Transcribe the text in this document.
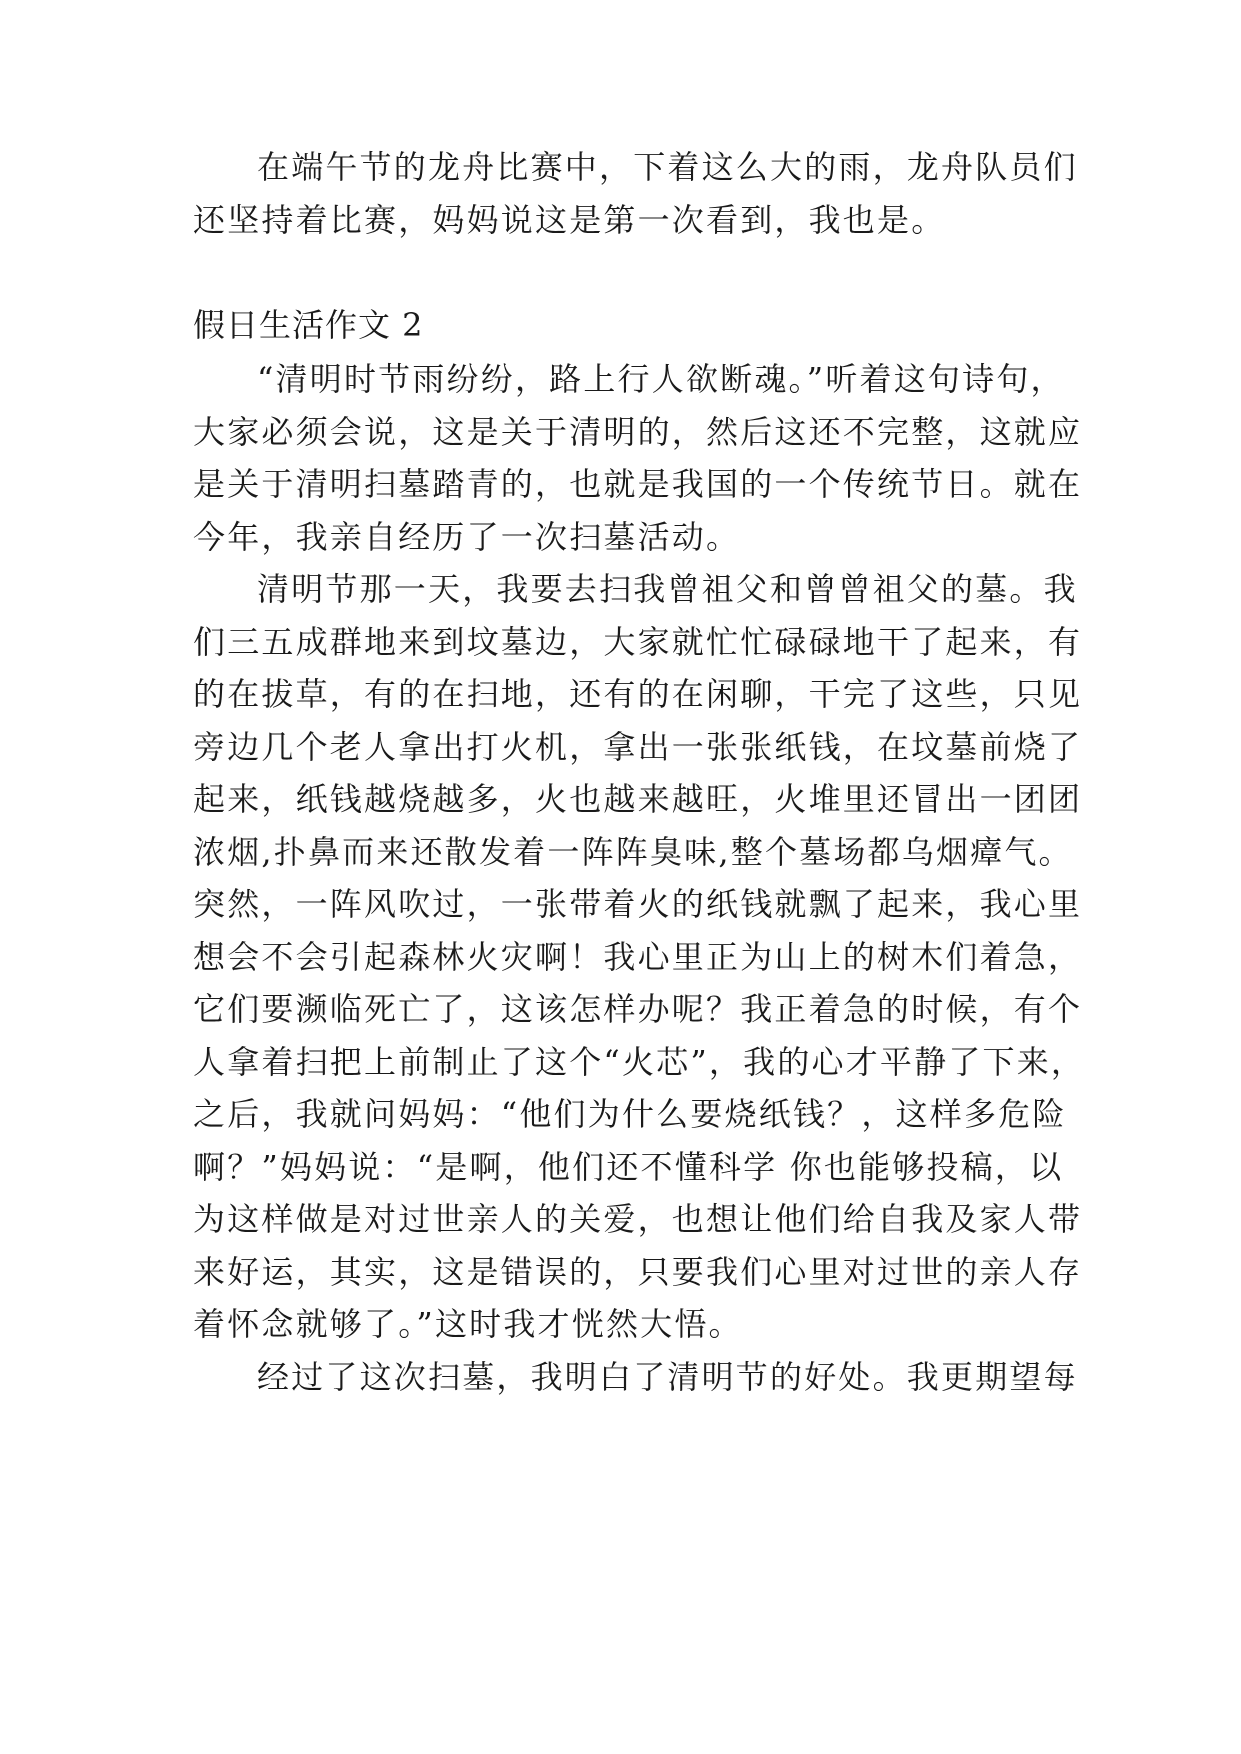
在端午节的龙舟比赛中，下着这么大的雨，龙舟队员们

还坚持着比赛，妈妈说这是第一次看到，我也是。

假日生活作文 2

“清明时节雨纷纷，路上行人欲断魂。”听着这句诗句，

大家必须会说，这是关于清明的，然后这还不完整，这就应

是关于清明扫墓踏青的，也就是我国的一个传统节日。就在

今年，我亲自经历了一次扫墓活动。

清明节那一天，我要去扫我曾祖父和曾曾祖父的墓。我

们三五成群地来到坟墓边，大家就忙忙碌碌地干了起来，有

的在拔草，有的在扫地，还有的在闲聊，干完了这些，只见

旁边几个老人拿出打火机，拿出一张张纸钱，在坟墓前烧了

起来，纸钱越烧越多，火也越来越旺，火堆里还冒出一团团

浓烟,扑鼻而来还散发着一阵阵臭味,整个墓场都乌烟瘴气。

突然，一阵风吹过，一张带着火的纸钱就飘了起来，我心里

想会不会引起森林火灾啊！我心里正为山上的树木们着急，

它们要濒临死亡了，这该怎样办呢？我正着急的时候，有个

人拿着扫把上前制止了这个“火芯”，我的心才平静了下来，

之后，我就问妈妈：“他们为什么要烧纸钱？，这样多危险

啊？”妈妈说：“是啊，他们还不懂科学 你也能够投稿，以

为这样做是对过世亲人的关爱，也想让他们给自我及家人带

来好运，其实，这是错误的，只要我们心里对过世的亲人存

着怀念就够了。”这时我才恍然大悟。

经过了这次扫墓，我明白了清明节的好处。我更期望每
